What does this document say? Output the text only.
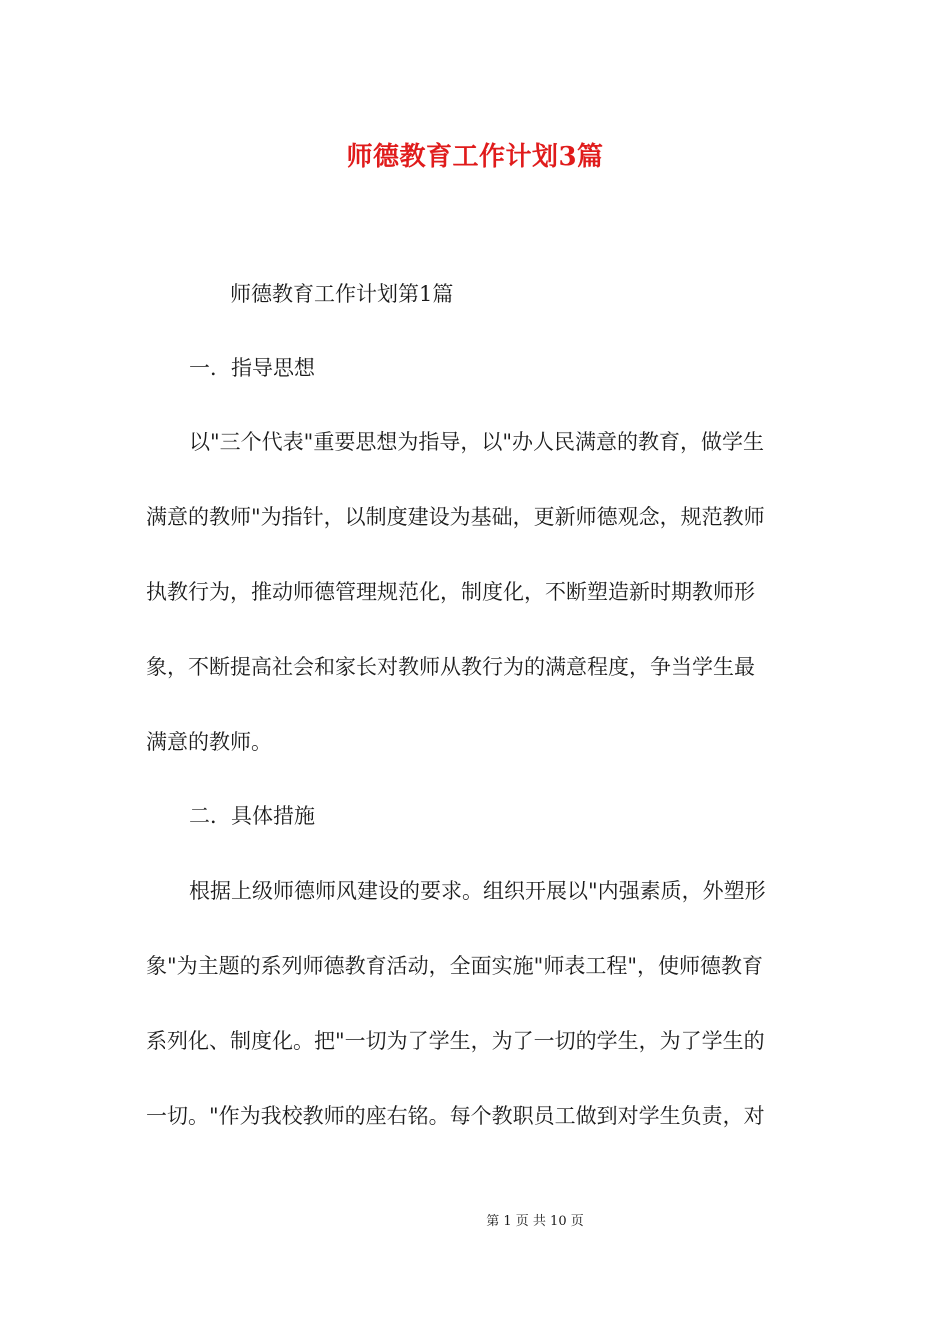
师德教育工作计划3篇
师德教育工作计划第1篇
一．指导思想
以"三个代表"重要思想为指导，以"办人民满意的教育，做学生
满意的教师"为指针，以制度建设为基础，更新师德观念，规范教师
执教行为，推动师德管理规范化，制度化，不断塑造新时期教师形
象，不断提高社会和家长对教师从教行为的满意程度，争当学生最
满意的教师。
二．具体措施
根据上级师德师风建设的要求。组织开展以"内强素质，外塑形
象"为主题的系列师德教育活动，全面实施"师表工程"，使师德教育
系列化、制度化。把"一切为了学生，为了一切的学生，为了学生的
一切。"作为我校教师的座右铭。每个教职员工做到对学生负责，对
第 1 页 共 10 页
